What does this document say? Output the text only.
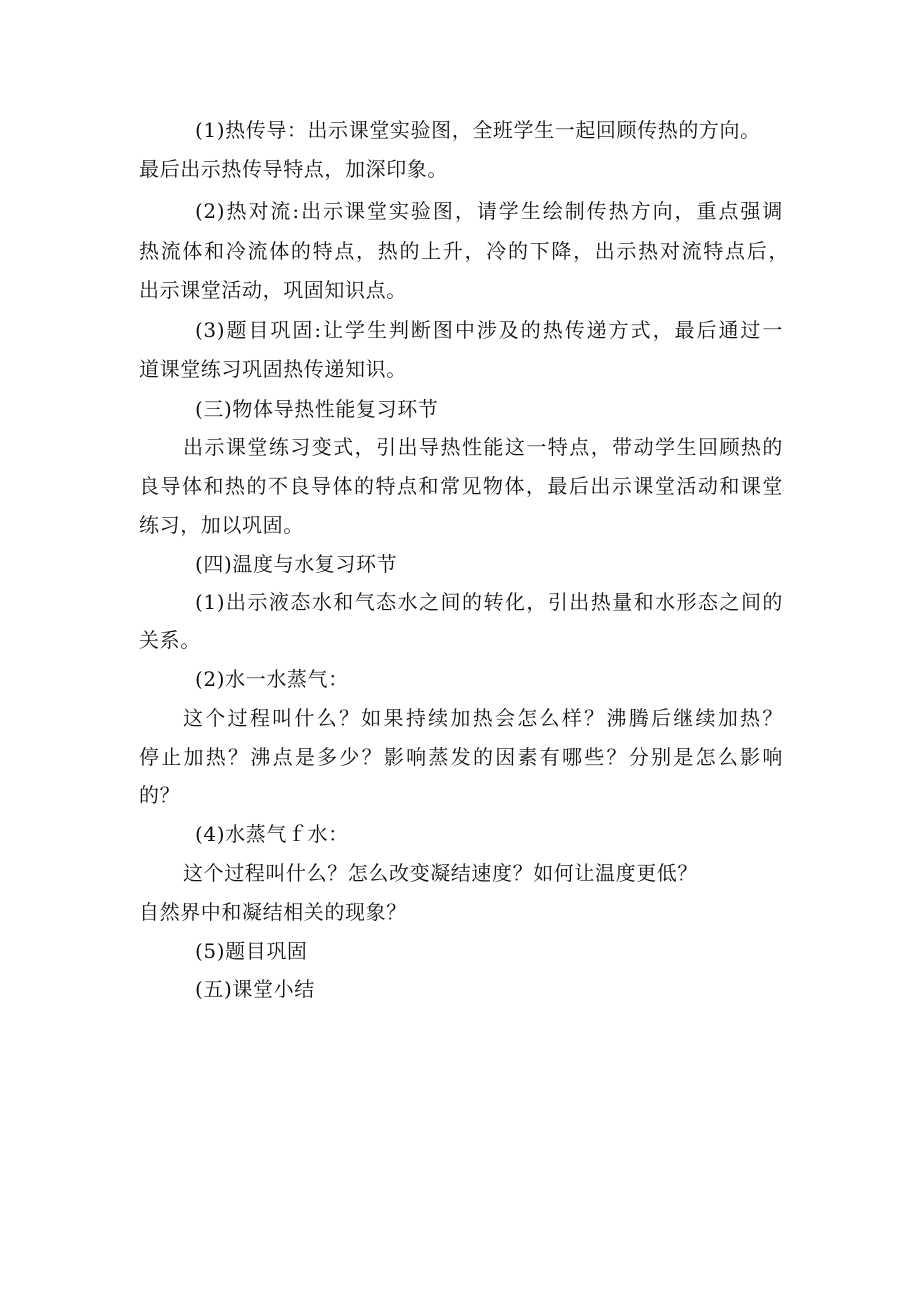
(1)热传导：出示课堂实验图，全班学生一起回顾传热的方向。
最后出示热传导特点，加深印象。
(2)热对流:出示课堂实验图，请学生绘制传热方向，重点强调
热流体和冷流体的特点，热的上升，冷的下降，出示热对流特点后，
出示课堂活动，巩固知识点。
(3)题目巩固:让学生判断图中涉及的热传递方式，最后通过一
道课堂练习巩固热传递知识。
(三)物体导热性能复习环节
出示课堂练习变式，引出导热性能这一特点，带动学生回顾热的
良导体和热的不良导体的特点和常见物体，最后出示课堂活动和课堂
练习，加以巩固。
(四)温度与水复习环节
(1)出示液态水和气态水之间的转化，引出热量和水形态之间的
关系。
(2)水一水蒸气：
这个过程叫什么？如果持续加热会怎么样？沸腾后继续加热？
停止加热？沸点是多少？影响蒸发的因素有哪些？分别是怎么影响
的？
(4)水蒸气ｆ水：
这个过程叫什么？怎么改变凝结速度？如何让温度更低？
自然界中和凝结相关的现象？
(5)题目巩固
(五)课堂小结
